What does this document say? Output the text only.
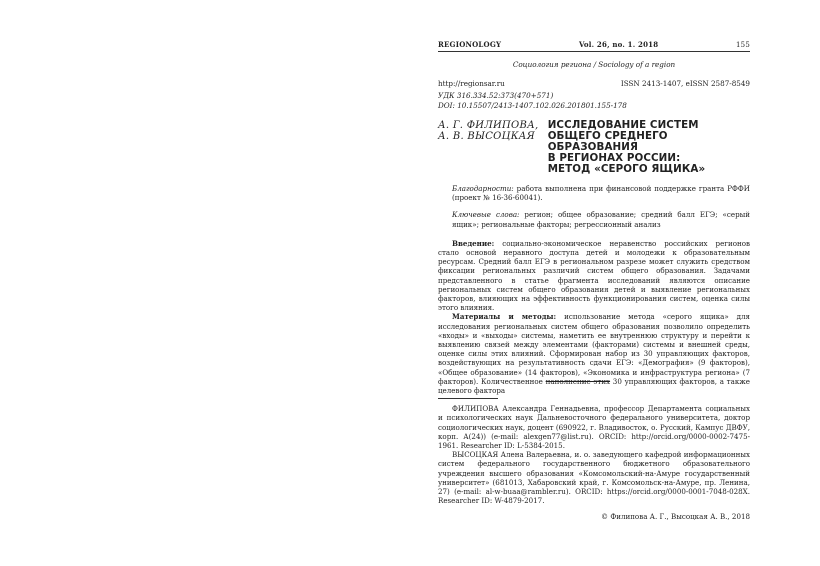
REGIONOLOGY	Vol. 26, no. 1. 2018	155
Социология региона / Sociology of a region
http://regionsar.ru	ISSN 2413-1407, eISSN 2587-8549
УДК 316.334.52:373(470+571)
DOI: 10.15507/2413-1407.102.026.201801.155-178
А. Г. ФИЛИПОВА,
А. В. ВЫСОЦКАЯ
ИССЛЕДОВАНИЕ СИСТЕМ
ОБЩЕГО СРЕДНЕГО ОБРАЗОВАНИЯ
В РЕГИОНАХ РОССИИ:
МЕТОД «СЕРОГО ЯЩИКА»
Благодарности: работа выполнена при финансовой поддержке гранта РФФИ (проект № 16-36-60041).
Ключевые слова: регион; общее образование; средний балл ЕГЭ; «серый ящик»; региональные факторы; регрессионный анализ
Введение: социально-экономическое неравенство российских регионов стало основой неравного доступа детей и молодежи к образовательным ресурсам. Средний балл ЕГЭ в региональном разрезе может служить средством фиксации региональных различий систем общего образования. Задачами представленного в статье фрагмента исследований являются описание региональных систем общего образования детей и выявление региональных факторов, влияющих на эффективность функционирования систем, оценка силы этого влияния.
Материалы и методы: использование метода «серого ящика» для исследования региональных систем общего образования позволило определить «входы» и «выходы» системы, наметить ее внутреннюю структуру и перейти к выявлению связей между элементами (факторами) системы и внешней среды, оценке силы этих влияний. Сформирован набор из 30 управляющих факторов, воздействующих на результативность сдачи ЕГЭ: «Демография» (9 факторов), «Общее образование» (14 факторов), «Экономика и инфраструктура региона» (7 факторов). Количественное наполнение этих 30 управляющих факторов, а также целевого фактора
ФИЛИПОВА Александра Геннадьевна, профессор Департамента социальных и психологических наук Дальневосточного федерального университета, доктор социологических наук, доцент (690922, г. Владивосток, о. Русский, Кампус ДВФУ, корп. А(24)) (e-mail: alexgen77@list.ru). ORCID: http://orcid.org/0000-0002-7475-1961. Researcher ID: L-5384-2015.
ВЫСОЦКАЯ Алена Валерьевна, и. о. заведующего кафедрой информационных систем федерального государственного бюджетного образовательного учреждения высшего образования «Комсомольский-на-Амуре государственный университет» (681013, Хабаровский край, г. Комсомольск-на-Амуре, пр. Ленина, 27) (e-mail: al-w-buaa@rambler.ru). ORCID: https://orcid.org/0000-0001-7048-028X. Researcher ID: W-4879-2017.
© Филипова А. Г., Высоцкая А. В., 2018
